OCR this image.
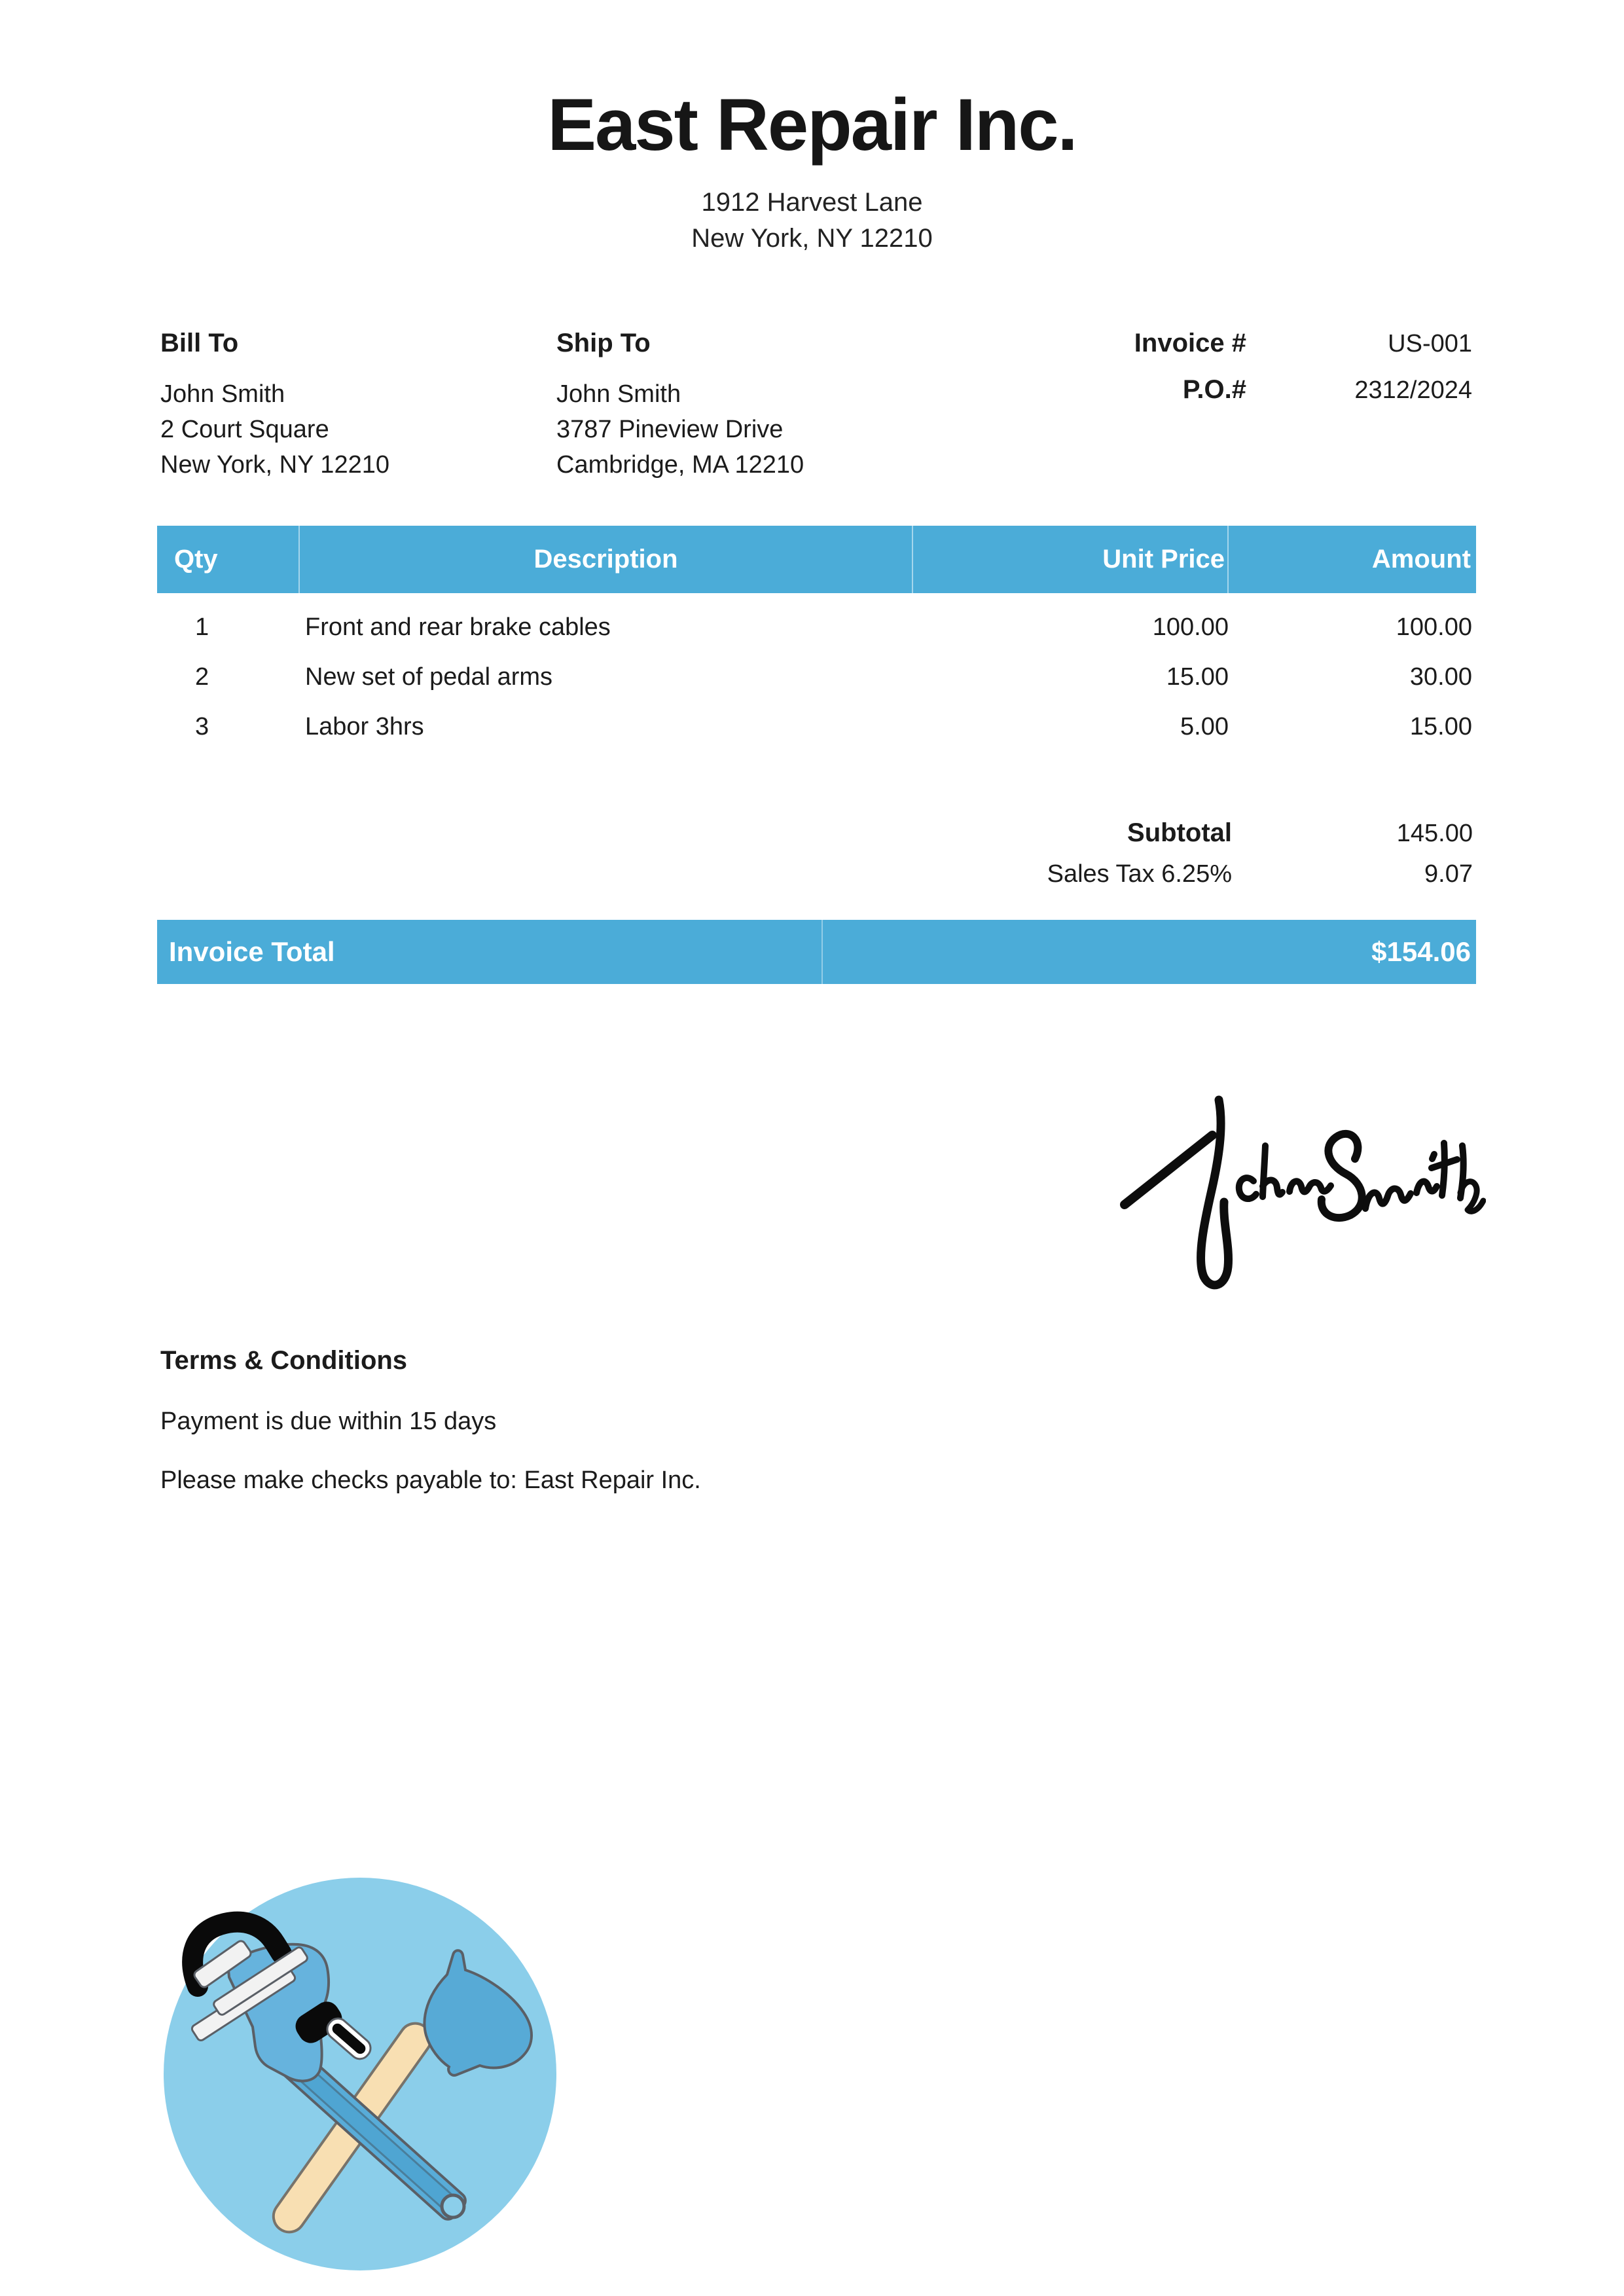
East Repair Inc.
1912 Harvest Lane
New York, NY 12210
Bill To
John Smith
2 Court Square
New York, NY 12210
Ship To
John Smith
3787 Pineview Drive
Cambridge, MA 12210
Invoice #	US-001
P.O.#	2312/2024
Qty	Description	Unit Price	Amount
1	Front and rear brake cables	100.00	100.00
2	New set of pedal arms	15.00	30.00
3	Labor 3hrs	5.00	15.00
Subtotal	145.00
Sales Tax 6.25%	9.07
Invoice Total	$154.06
Terms & Conditions
Payment is due within 15 days
Please make checks payable to: East Repair Inc.
